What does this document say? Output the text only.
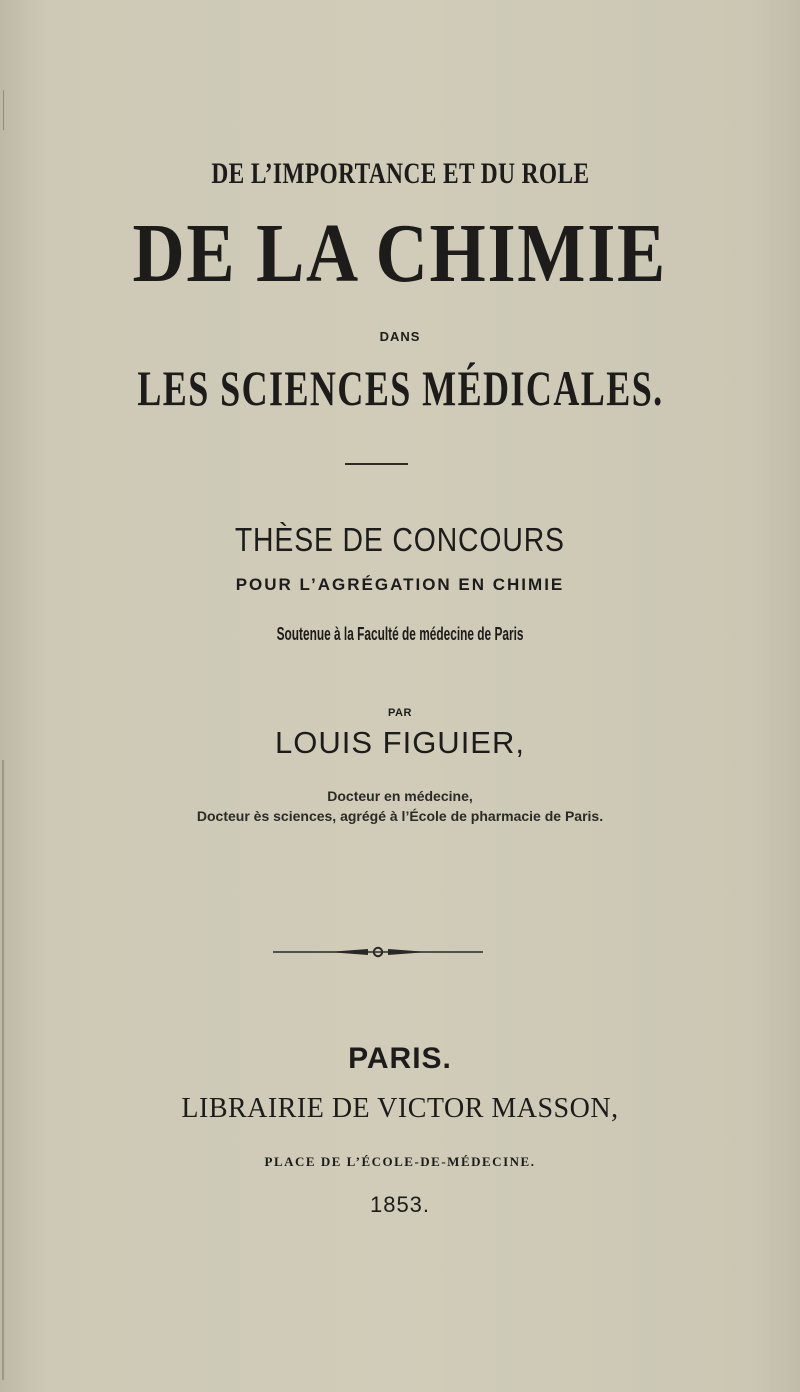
DE L’IMPORTANCE ET DU ROLE
DE LA CHIMIE
DANS
LES SCIENCES MÉDICALES.
THÈSE DE CONCOURS
POUR L’AGRÉGATION EN CHIMIE
Soutenue à la Faculté de médecine de Paris
PAR
LOUIS FIGUIER,
Docteur en médecine,
Docteur ès sciences, agrégé à l’École de pharmacie de Paris.
PARIS.
LIBRAIRIE DE VICTOR MASSON,
PLACE DE L’ÉCOLE-DE-MÉDECINE.
1853.
